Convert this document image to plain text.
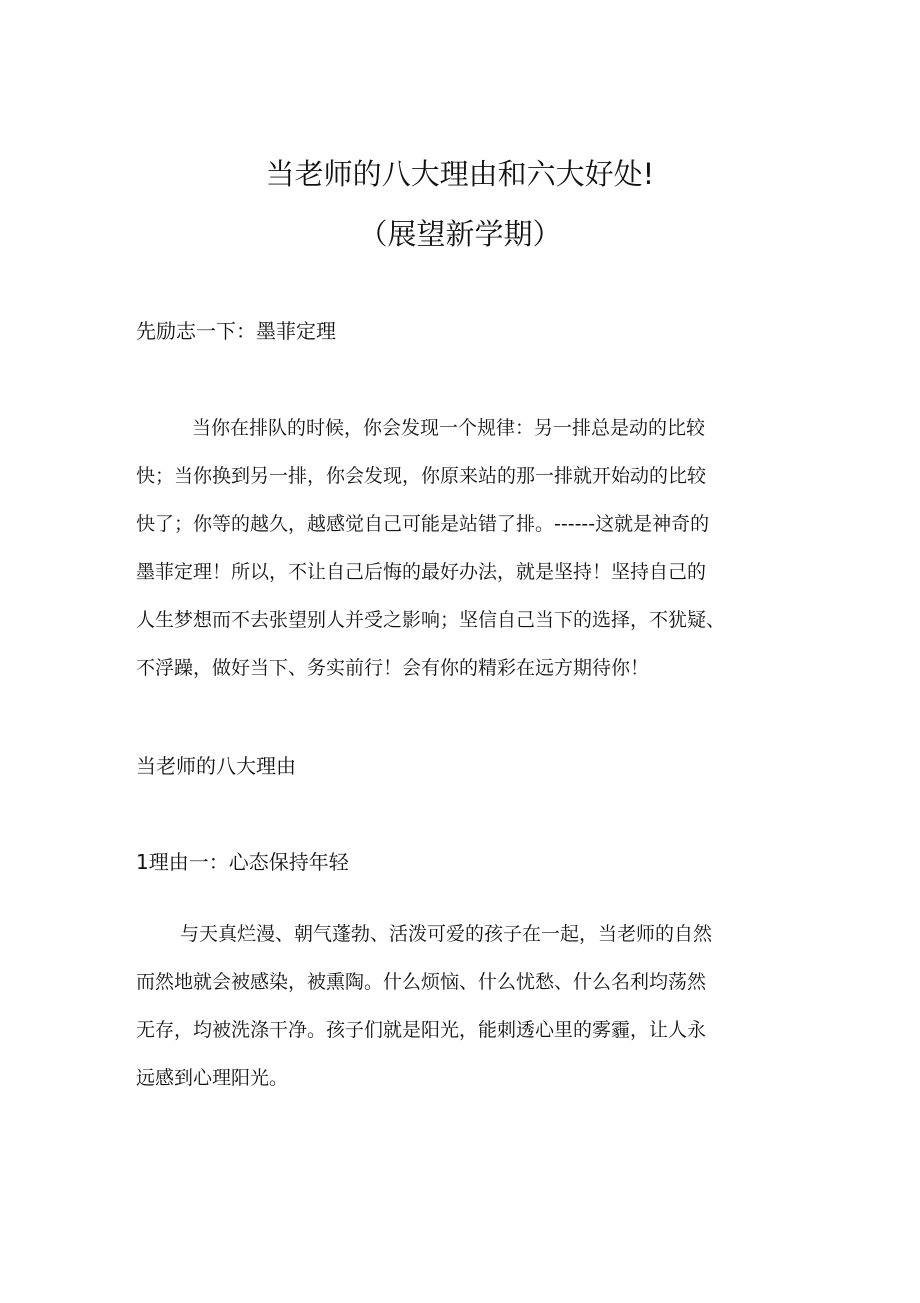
当老师的八大理由和六大好处!
（展望新学期）
先励志一下：墨菲定理
当你在排队的时候，你会发现一个规律：另一排总是动的比较
快；当你换到另一排，你会发现，你原来站的那一排就开始动的比较
快了；你等的越久，越感觉自己可能是站错了排。------这就是神奇的
墨菲定理！所以，不让自己后悔的最好办法，就是坚持！坚持自己的
人生梦想而不去张望别人并受之影响；坚信自己当下的选择，不犹疑、
不浮躁，做好当下、务实前行！会有你的精彩在远方期待你！
当老师的八大理由
1理由一：心态保持年轻
与天真烂漫、朝气蓬勃、活泼可爱的孩子在一起，当老师的自然
而然地就会被感染，被熏陶。什么烦恼、什么忧愁、什么名利均荡然
无存，均被洗涤干净。孩子们就是阳光，能刺透心里的雾霾，让人永
远感到心理阳光。
